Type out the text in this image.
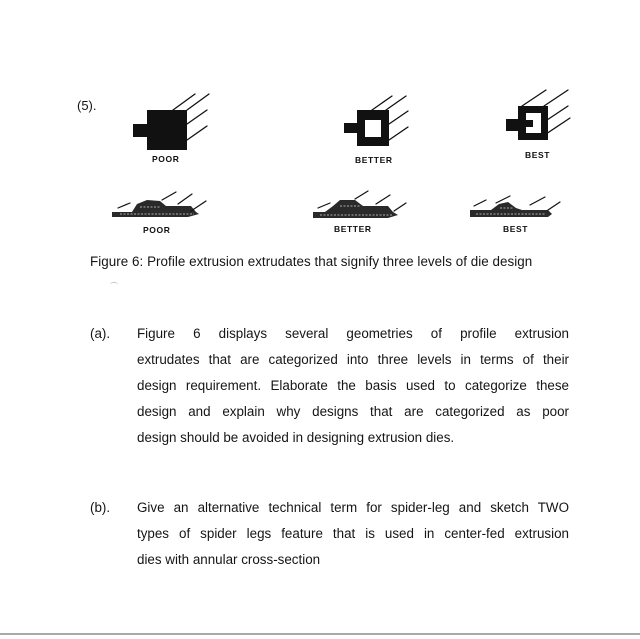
(5).
POOR	BETTER	BEST
POOR	BETTER	BEST
Figure 6: Profile extrusion extrudates that signify three levels of die design
(a). Figure 6 displays several geometries of profile extrusion
extrudates that are categorized into three levels in terms of their
design requirement. Elaborate the basis used to categorize these
design and explain why designs that are categorized as poor
design should be avoided in designing extrusion dies.
(b). Give an alternative technical term for spider-leg and sketch TWO
types of spider legs feature that is used in center-fed extrusion
dies with annular cross-section
